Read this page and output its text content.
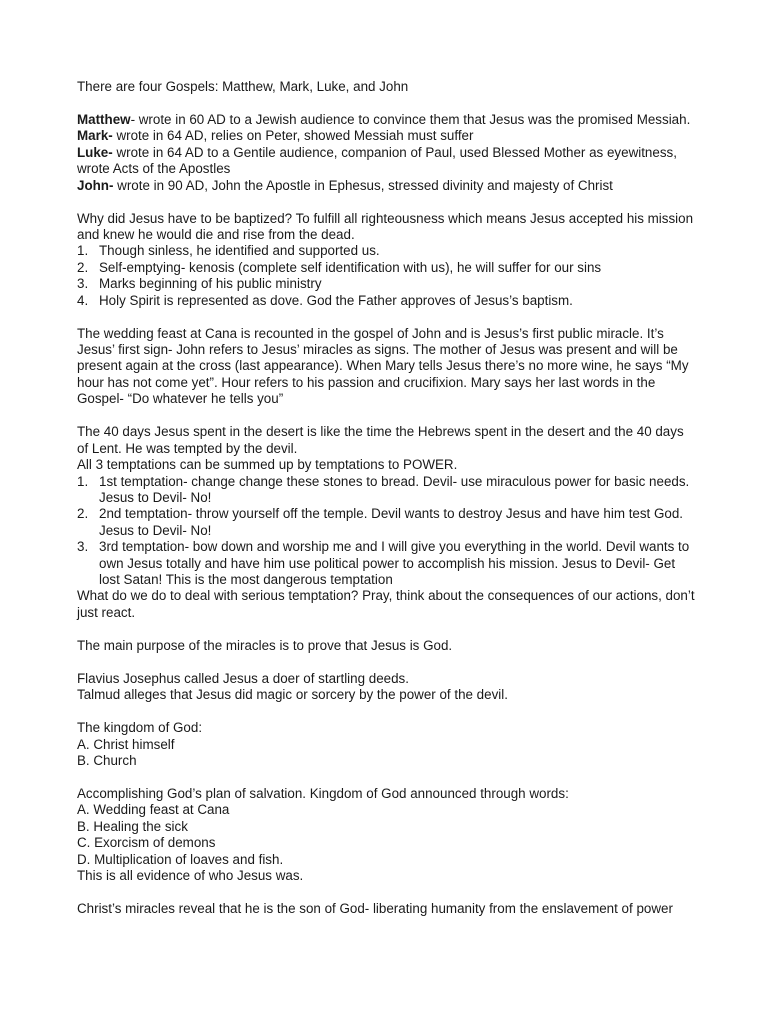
There are four Gospels: Matthew, Mark, Luke, and John

Matthew- wrote in 60 AD to a Jewish audience to convince them that Jesus was the promised Messiah.

Mark- wrote in 64 AD, relies on Peter, showed Messiah must suffer

Luke- wrote in 64 AD to a Gentile audience, companion of Paul, used Blessed Mother as eyewitness, wrote Acts of the Apostles

John- wrote in 90 AD, John the Apostle in Ephesus, stressed divinity and majesty of Christ

Why did Jesus have to be baptized? To fulfill all righteousness which means Jesus accepted his mission and knew he would die and rise from the dead.

1. Though sinless, he identified and supported us.
2. Self-emptying- kenosis (complete self identification with us), he will suffer for our sins
3. Marks beginning of his public ministry
4. Holy Spirit is represented as dove. God the Father approves of Jesus’s baptism.

The wedding feast at Cana is recounted in the gospel of John and is Jesus’s first public miracle. It’s Jesus’ first sign- John refers to Jesus’ miracles as signs. The mother of Jesus was present and will be present again at the cross (last appearance). When Mary tells Jesus there’s no more wine, he says “My hour has not come yet”. Hour refers to his passion and crucifixion. Mary says her last words in the Gospel- “Do whatever he tells you”

The 40 days Jesus spent in the desert is like the time the Hebrews spent in the desert and the 40 days of Lent. He was tempted by the devil.

All 3 temptations can be summed up by temptations to POWER.

1. 1st temptation- change change these stones to bread. Devil- use miraculous power for basic needs. Jesus to Devil- No!
2. 2nd temptation- throw yourself off the temple. Devil wants to destroy Jesus and have him test God. Jesus to Devil- No!
3. 3rd temptation- bow down and worship me and I will give you everything in the world. Devil wants to own Jesus totally and have him use political power to accomplish his mission. Jesus to Devil- Get lost Satan! This is the most dangerous temptation

What do we do to deal with serious temptation? Pray, think about the consequences of our actions, don’t just react.

The main purpose of the miracles is to prove that Jesus is God.

Flavius Josephus called Jesus a doer of startling deeds.

Talmud alleges that Jesus did magic or sorcery by the power of the devil.

The kingdom of God:

A. Christ himself

B. Church

Accomplishing God’s plan of salvation. Kingdom of God announced through words:

A. Wedding feast at Cana

B. Healing the sick

C. Exorcism of demons

D. Multiplication of loaves and fish.

This is all evidence of who Jesus was.

Christ’s miracles reveal that he is the son of God- liberating humanity from the enslavement of power
